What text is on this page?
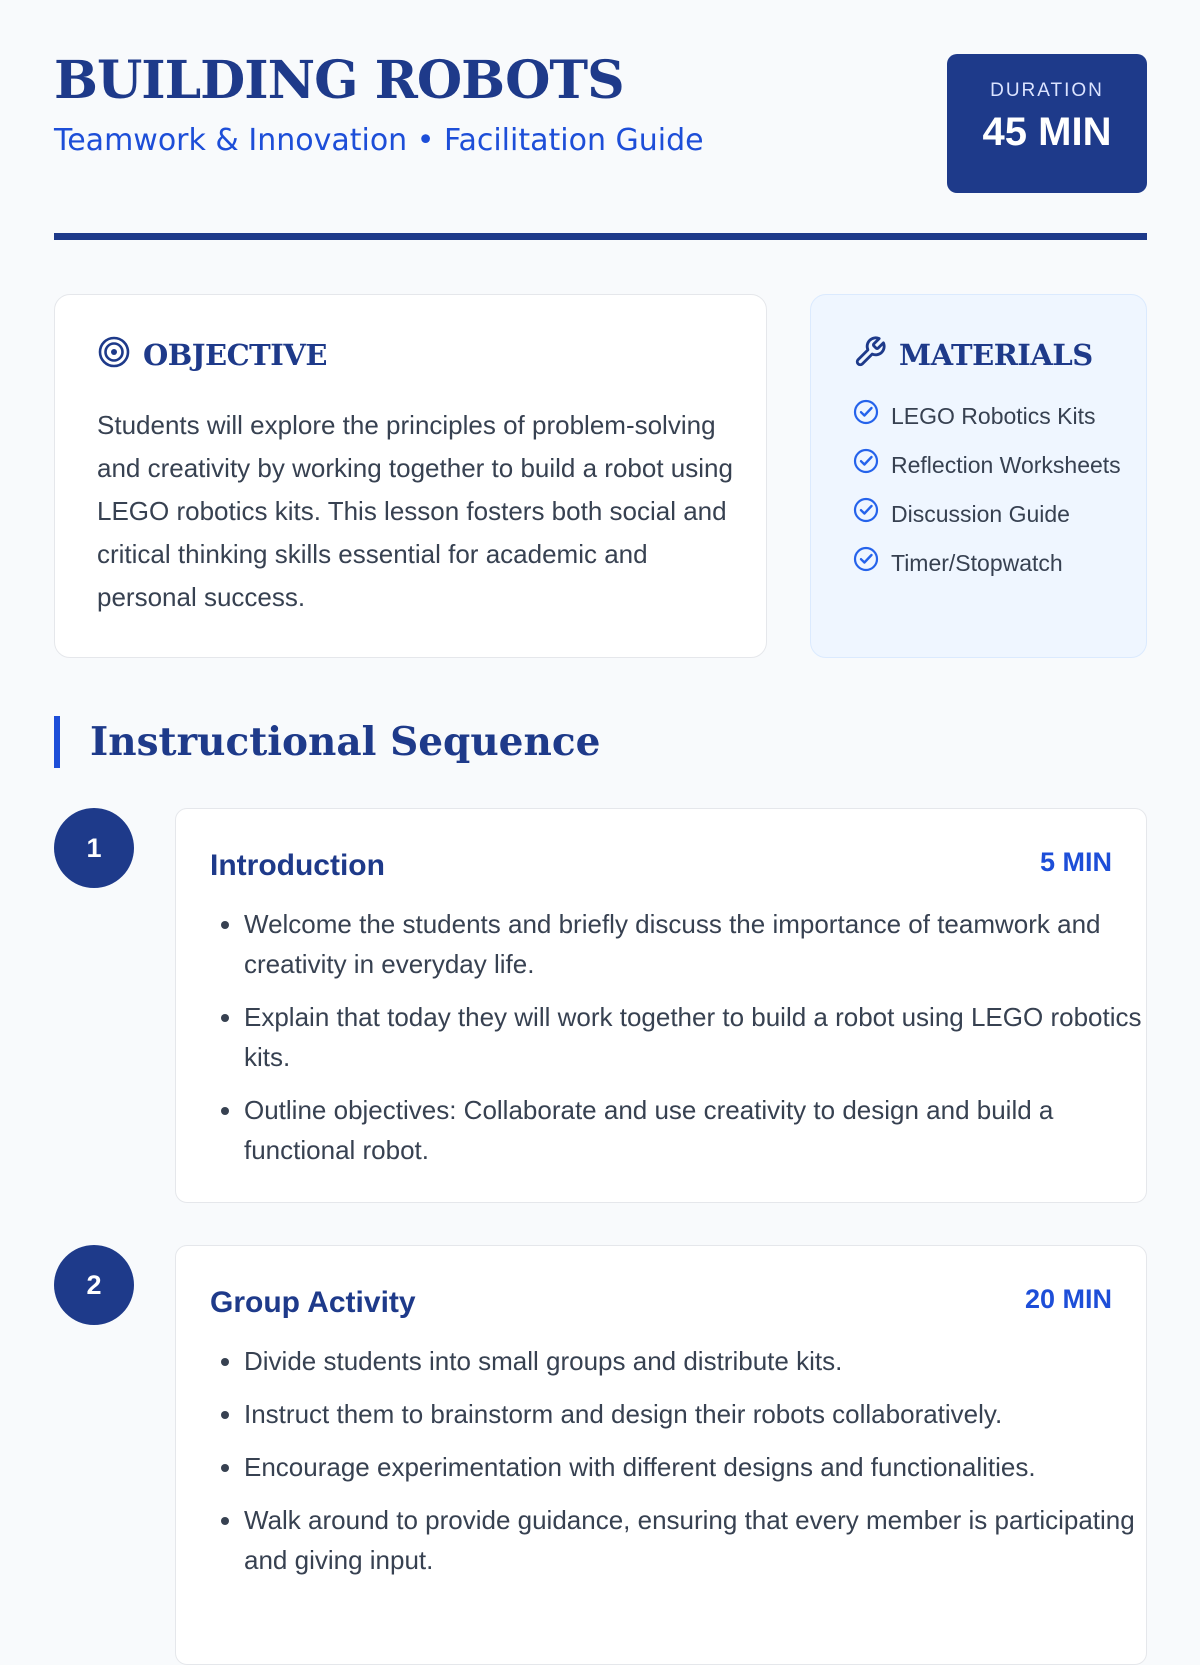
BUILDING ROBOTS

Teamwork & Innovation • Facilitation Guide

DURATION
45 MIN
OBJECTIVE

Students will explore the principles of problem-solving and creativity by working together to build a robot using LEGO robotics kits. This lesson fosters both social and critical thinking skills essential for academic and personal success.

MATERIALS
LEGO Robotics Kits
Reflection Worksheets
Discussion Guide
Timer/Stopwatch
Instructional Sequence
1
Introduction	5 MIN
• Welcome the students and briefly discuss the importance of teamwork and creativity in everyday life.
• Explain that today they will work together to build a robot using LEGO robotics kits.
• Outline objectives: Collaborate and use creativity to design and build a functional robot.
2
Group Activity	20 MIN
• Divide students into small groups and distribute kits.
• Instruct them to brainstorm and design their robots collaboratively.
• Encourage experimentation with different designs and functionalities.
• Walk around to provide guidance, ensuring that every member is participating and giving input.
